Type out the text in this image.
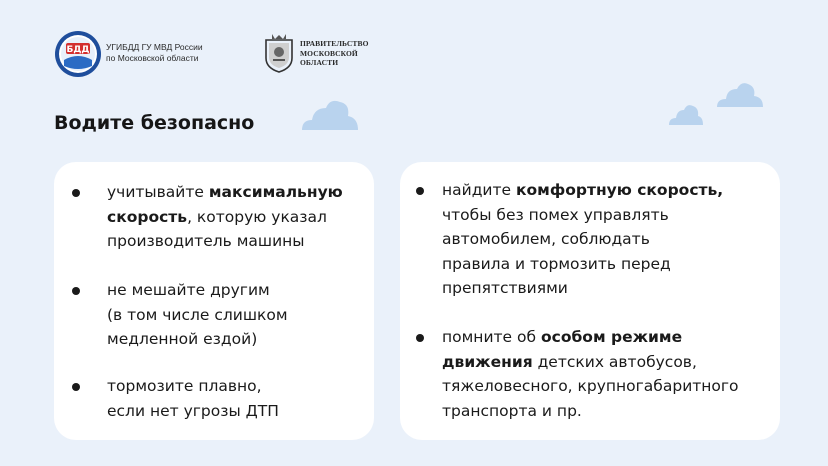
БДД УГИБДД ГУ МВД России
по Московской области
ПРАВИТЕЛЬСТВО
МОСКОВСКОЙ
ОБЛАСТИ
Водите безопасно
учитывайте максимальную
скорость, которую указал
производитель машины
не мешайте другим
(в том числе слишком
медленной ездой)
тормозите плавно,
если нет угрозы ДТП
найдите комфортную скорость,
чтобы без помех управлять
автомобилем, соблюдать
правила и тормозить перед
препятствиями
помните об особом режиме
движения детских автобусов,
тяжеловесного, крупногабаритного
транспорта и пр.
